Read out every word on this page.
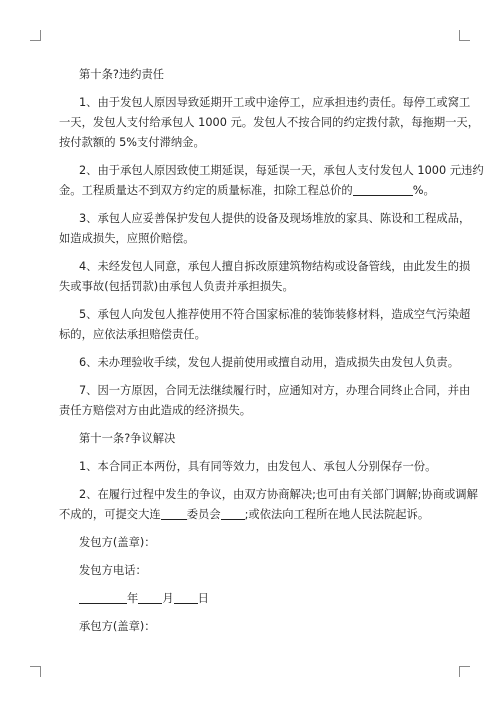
第十条?违约责任
1、由于发包人原因导致延期开工或中途停工，应承担违约责任。每停工或窝工
一天，发包人支付给承包人 1000 元。发包人不按合同的约定拨付款，每拖期一天，
按付款额的 5%支付滞纳金。
2、由于承包人原因致使工期延误，每延误一天，承包人支付发包人 1000 元违约
金。工程质量达不到双方约定的质量标准，扣除工程总价的	%。
3、承包人应妥善保护发包人提供的设备及现场堆放的家具、陈设和工程成品，
如造成损失，应照价赔偿。
4、未经发包人同意，承包人擅自拆改原建筑物结构或设备管线，由此发生的损
失或事故(包括罚款)由承包人负责并承担损失。
5、承包人向发包人推荐使用不符合国家标准的装饰装修材料，造成空气污染超
标的，应依法承担赔偿责任。
6、未办理验收手续，发包人提前使用或擅自动用，造成损失由发包人负责。
7、因一方原因，合同无法继续履行时，应通知对方，办理合同终止合同，并由
责任方赔偿对方由此造成的经济损失。
第十一条?争议解决
1、本合同正本两份，具有同等效力，由发包人、承包人分别保存一份。
2、在履行过程中发生的争议，由双方协商解决;也可由有关部门调解;协商或调解
不成的，可提交大连 委员会 ;或依法向工程所在地人民法院起诉。
发包方(盖章)：
发包方电话：
年 月 日
承包方(盖章)：
